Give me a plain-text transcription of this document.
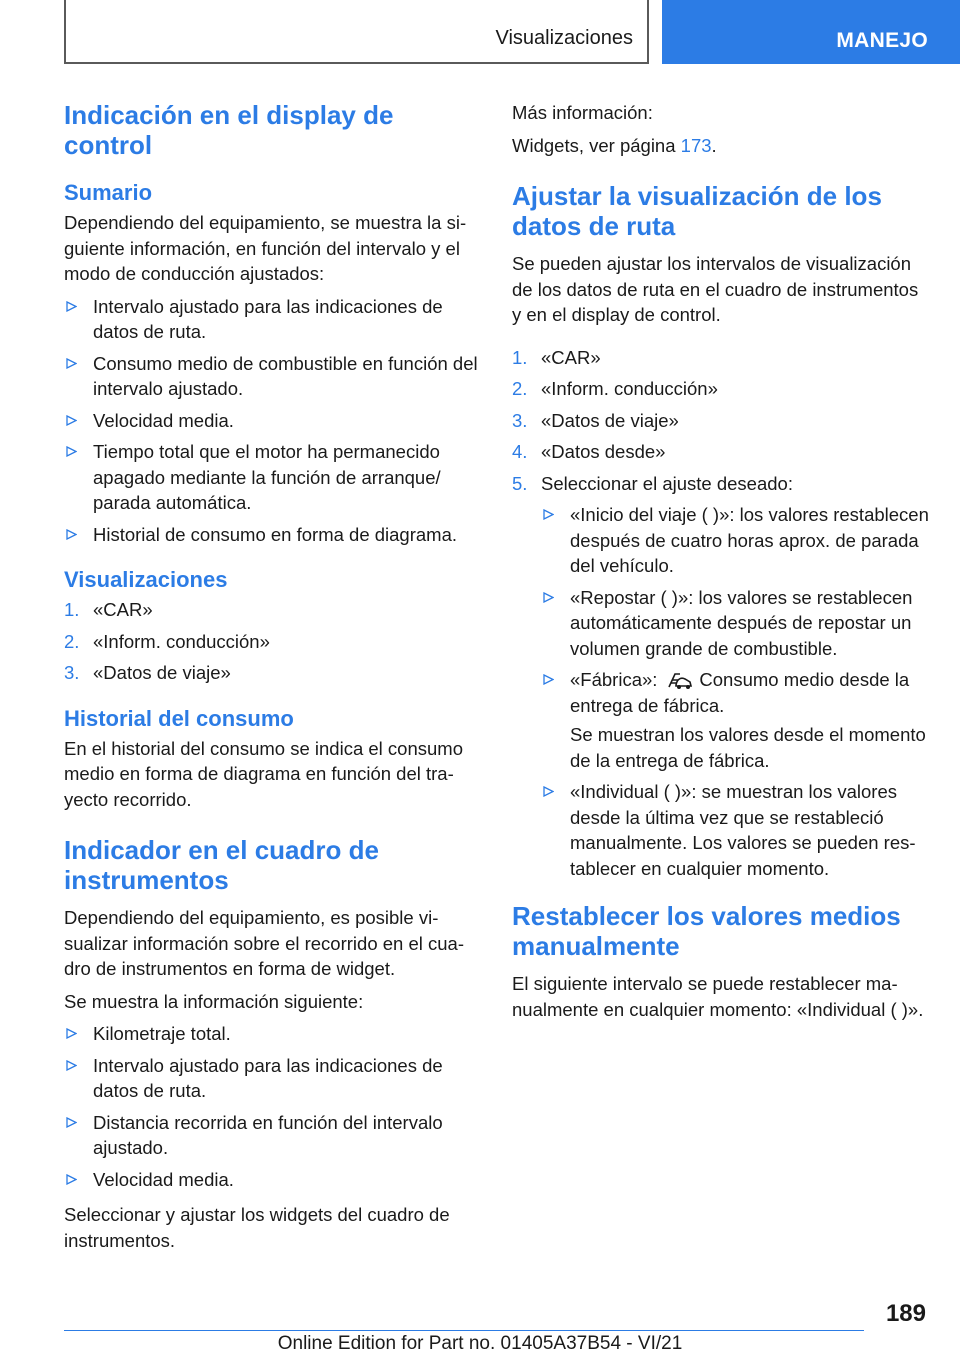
Visualizaciones	MANEJO
Indicación en el display de control
Sumario

Dependiendo del equipamiento, se muestra la siguiente información, en función del intervalo y el modo de conducción ajustados:

Intervalo ajustado para las indicaciones de datos de ruta.
Consumo medio de combustible en función del intervalo ajustado.
Velocidad media.
Tiempo total que el motor ha permanecido apagado mediante la función de arranque/ parada automática.
Historial de consumo en forma de diagrama.
Visualizaciones
1. «CAR»
2. «Inform. conducción»
3. «Datos de viaje»
Historial del consumo

En el historial del consumo se indica el consumo medio en forma de diagrama en función del trayecto recorrido.

Indicador en el cuadro de instrumentos

Dependiendo del equipamiento, es posible visualizar información sobre el recorrido en el cuadro de instrumentos en forma de widget.

Se muestra la información siguiente:

Kilometraje total.
Intervalo ajustado para las indicaciones de datos de ruta.
Distancia recorrida en función del intervalo ajustado.
Velocidad media.

Seleccionar y ajustar los widgets del cuadro de instrumentos.

Más información:

Widgets, ver página 173.

Ajustar la visualización de los datos de ruta

Se pueden ajustar los intervalos de visualización de los datos de ruta en el cuadro de instrumentos y en el display de control.

1. «CAR»
2. «Inform. conducción»
3. «Datos de viaje»
4. «Datos desde»
5. Seleccionar el ajuste deseado:
«Inicio del viaje ( )»: los valores restablecen después de cuatro horas aprox. de parada del vehículo.
«Repostar ( )»: los valores se restablecen automáticamente después de repostar un volumen grande de combustible.
«Fábrica»: Consumo medio desde la entrega de fábrica.

Se muestran los valores desde el momento de la entrega de fábrica.

«Individual ( )»: se muestran los valores desde la última vez que se restableció manualmente. Los valores se pueden restablecer en cualquier momento.
Restablecer los valores medios manualmente

El siguiente intervalo se puede restablecer manualmente en cualquier momento: «Individual ( )».

189
Online Edition for Part no. 01405A37B54 - VI/21
